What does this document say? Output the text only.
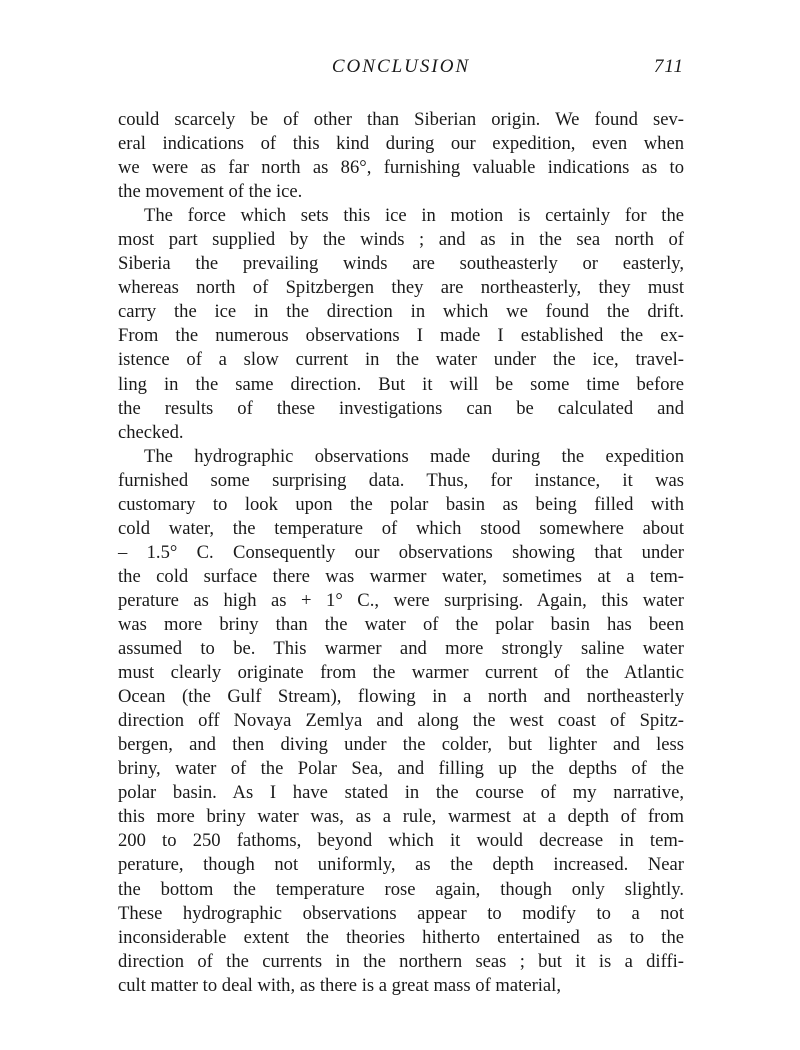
CONCLUSION	711
could scarcely be of other than Siberian origin. We found sev-
eral indications of this kind during our expedition, even when
we were as far north as 86°, furnishing valuable indications as to
the movement of the ice.
The force which sets this ice in motion is certainly for the
most part supplied by the winds ; and as in the sea north of
Siberia the prevailing winds are southeasterly or easterly,
whereas north of Spitzbergen they are northeasterly, they must
carry the ice in the direction in which we found the drift.
From the numerous observations I made I established the ex-
istence of a slow current in the water under the ice, travel-
ling in the same direction. But it will be some time before
the results of these investigations can be calculated and
checked.
The hydrographic observations made during the expedition
furnished some surprising data. Thus, for instance, it was
customary to look upon the polar basin as being filled with
cold water, the temperature of which stood somewhere about
– 1.5° C. Consequently our observations showing that under
the cold surface there was warmer water, sometimes at a tem-
perature as high as + 1° C., were surprising. Again, this water
was more briny than the water of the polar basin has been
assumed to be. This warmer and more strongly saline water
must clearly originate from the warmer current of the Atlantic
Ocean (the Gulf Stream), flowing in a north and northeasterly
direction off Novaya Zemlya and along the west coast of Spitz-
bergen, and then diving under the colder, but lighter and less
briny, water of the Polar Sea, and filling up the depths of the
polar basin. As I have stated in the course of my narrative,
this more briny water was, as a rule, warmest at a depth of from
200 to 250 fathoms, beyond which it would decrease in tem-
perature, though not uniformly, as the depth increased. Near
the bottom the temperature rose again, though only slightly.
These hydrographic observations appear to modify to a not
inconsiderable extent the theories hitherto entertained as to the
direction of the currents in the northern seas ; but it is a diffi-
cult matter to deal with, as there is a great mass of material,
